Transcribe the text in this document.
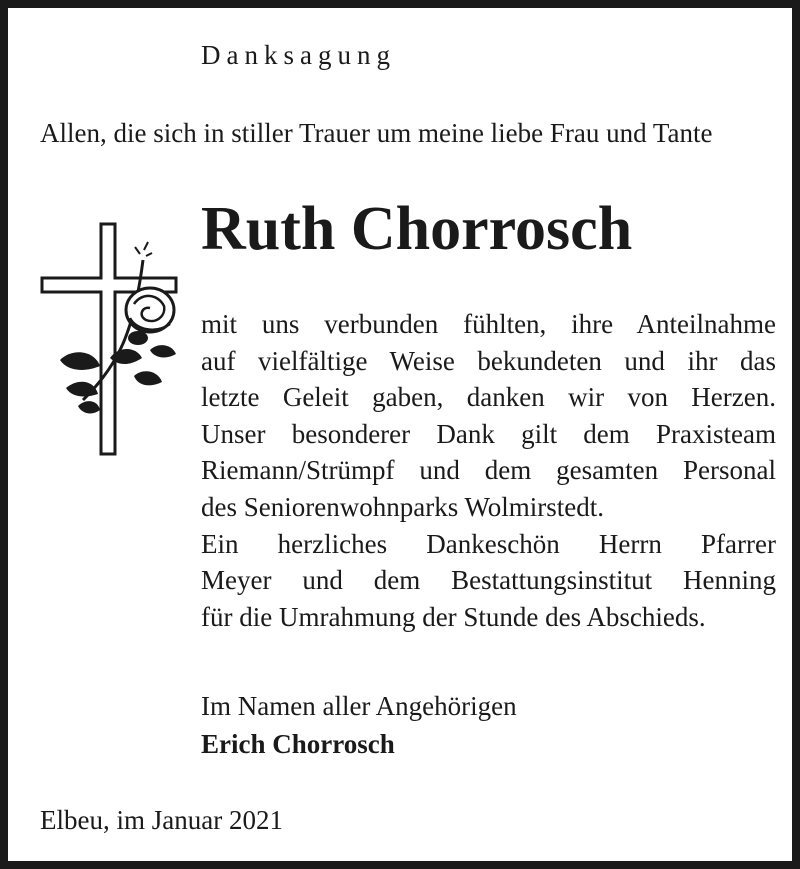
Danksagung

Allen, die sich in stiller Trauer um meine liebe Frau und Tante

Ruth Chorrosch

mit uns verbunden fühlten, ihre Anteilnahme
auf vielfältige Weise bekundeten und ihr das
letzte Geleit gaben, danken wir von Herzen.
Unser besonderer Dank gilt dem Praxisteam
Riemann/Strümpf und dem gesamten Personal
des Seniorenwohnparks Wolmirstedt.
Ein herzliches Dankeschön Herrn Pfarrer
Meyer und dem Bestattungsinstitut Henning
für die Umrahmung der Stunde des Abschieds.
Im Namen aller Angehörigen
Erich Chorrosch

Elbeu, im Januar 2021
